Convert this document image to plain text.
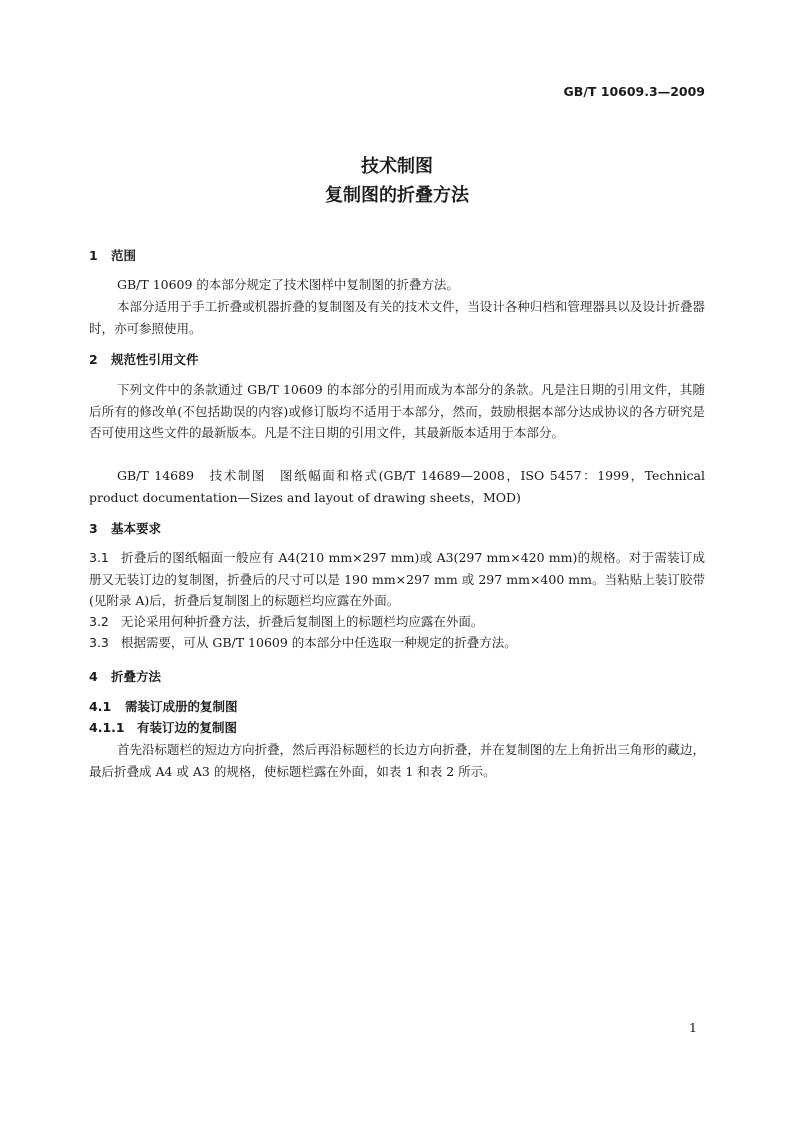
GB/T 10609.3—2009
技术制图
复制图的折叠方法
1 范围
GB/T 10609 的本部分规定了技术图样中复制图的折叠方法。
本部分适用于手工折叠或机器折叠的复制图及有关的技术文件，当设计各种归档和管理器具以及设计折叠器时，亦可参照使用。
2 规范性引用文件
下列文件中的条款通过 GB/T 10609 的本部分的引用而成为本部分的条款。凡是注日期的引用文件，其随后所有的修改单(不包括勘误的内容)或修订版均不适用于本部分，然而，鼓励根据本部分达成协议的各方研究是否可使用这些文件的最新版本。凡是不注日期的引用文件，其最新版本适用于本部分。
GB/T 14689　技术制图　图纸幅面和格式(GB/T 14689—2008，ISO 5457：1999，Technical product documentation—Sizes and layout of drawing sheets，MOD)
3 基本要求
3.1 折叠后的图纸幅面一般应有 A4(210 mm×297 mm)或 A3(297 mm×420 mm)的规格。对于需装订成册又无装订边的复制图，折叠后的尺寸可以是 190 mm×297 mm 或 297 mm×400 mm。当粘贴上装订胶带(见附录 A)后，折叠后复制图上的标题栏均应露在外面。
3.2 无论采用何种折叠方法，折叠后复制图上的标题栏均应露在外面。
3.3 根据需要，可从 GB/T 10609 的本部分中任选取一种规定的折叠方法。
4 折叠方法
4.1 需装订成册的复制图
4.1.1 有装订边的复制图
首先沿标题栏的短边方向折叠，然后再沿标题栏的长边方向折叠，并在复制图的左上角折出三角形的藏边，最后折叠成 A4 或 A3 的规格，使标题栏露在外面，如表 1 和表 2 所示。
1
